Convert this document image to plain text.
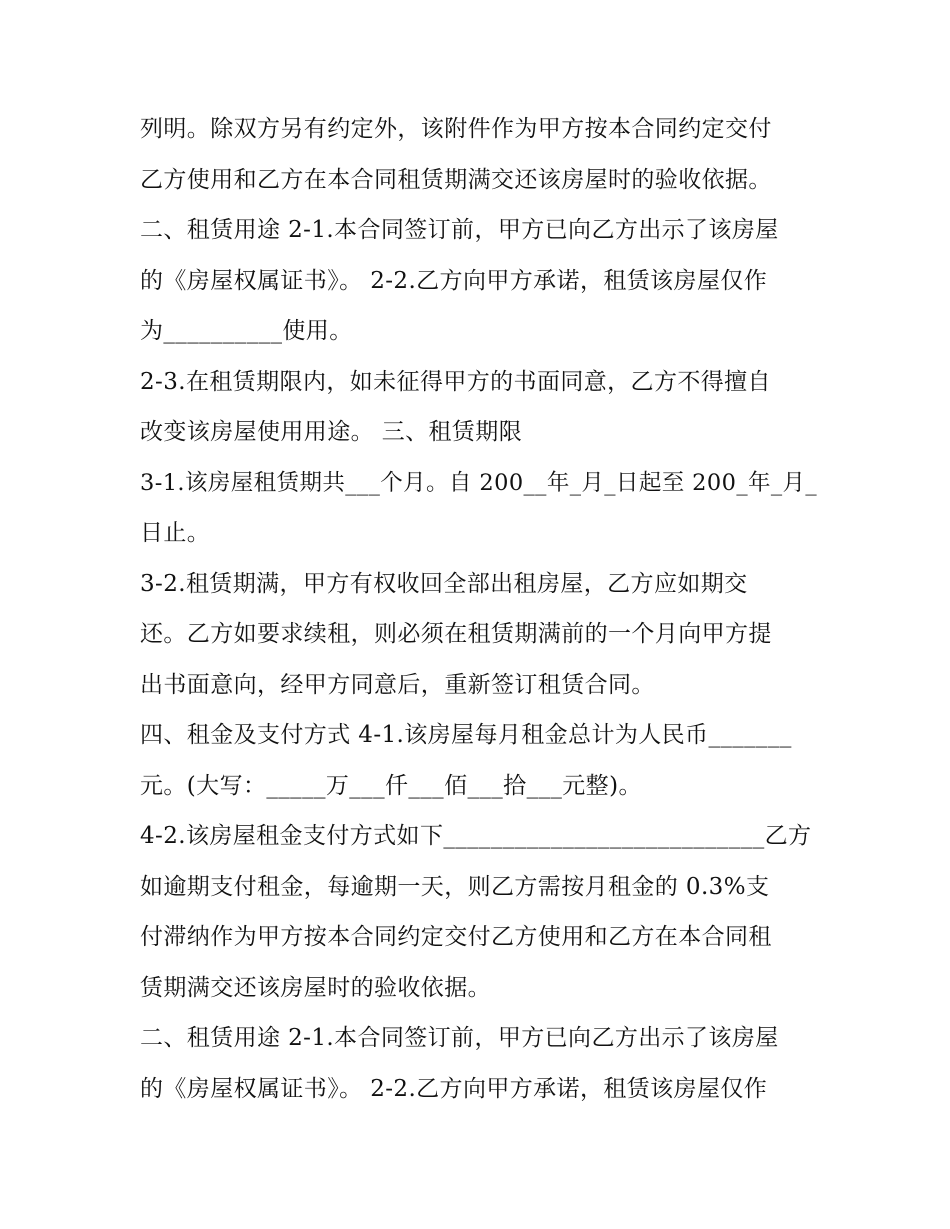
列明。除双方另有约定外，该附件作为甲方按本合同约定交付
乙方使用和乙方在本合同租赁期满交还该房屋时的验收依据。
二、租赁用途 2-1.本合同签订前，甲方已向乙方出示了该房屋
的《房屋权属证书》。 2-2.乙方向甲方承诺，租赁该房屋仅作
为__________使用。
2-3.在租赁期限内，如未征得甲方的书面同意，乙方不得擅自
改变该房屋使用用途。 三、租赁期限
3-1.该房屋租赁期共___个月。自 200__年_月_日起至 200_年_月_
日止。
3-2.租赁期满，甲方有权收回全部出租房屋，乙方应如期交
还。乙方如要求续租，则必须在租赁期满前的一个月向甲方提
出书面意向，经甲方同意后，重新签订租赁合同。
四、租金及支付方式 4-1.该房屋每月租金总计为人民币_______
元。(大写：_____万___仟___佰___拾___元整)。
4-2.该房屋租金支付方式如下___________________________乙方
如逾期支付租金，每逾期一天，则乙方需按月租金的 0.3%支
付滞纳作为甲方按本合同约定交付乙方使用和乙方在本合同租
赁期满交还该房屋时的验收依据。
二、租赁用途 2-1.本合同签订前，甲方已向乙方出示了该房屋
的《房屋权属证书》。 2-2.乙方向甲方承诺，租赁该房屋仅作
